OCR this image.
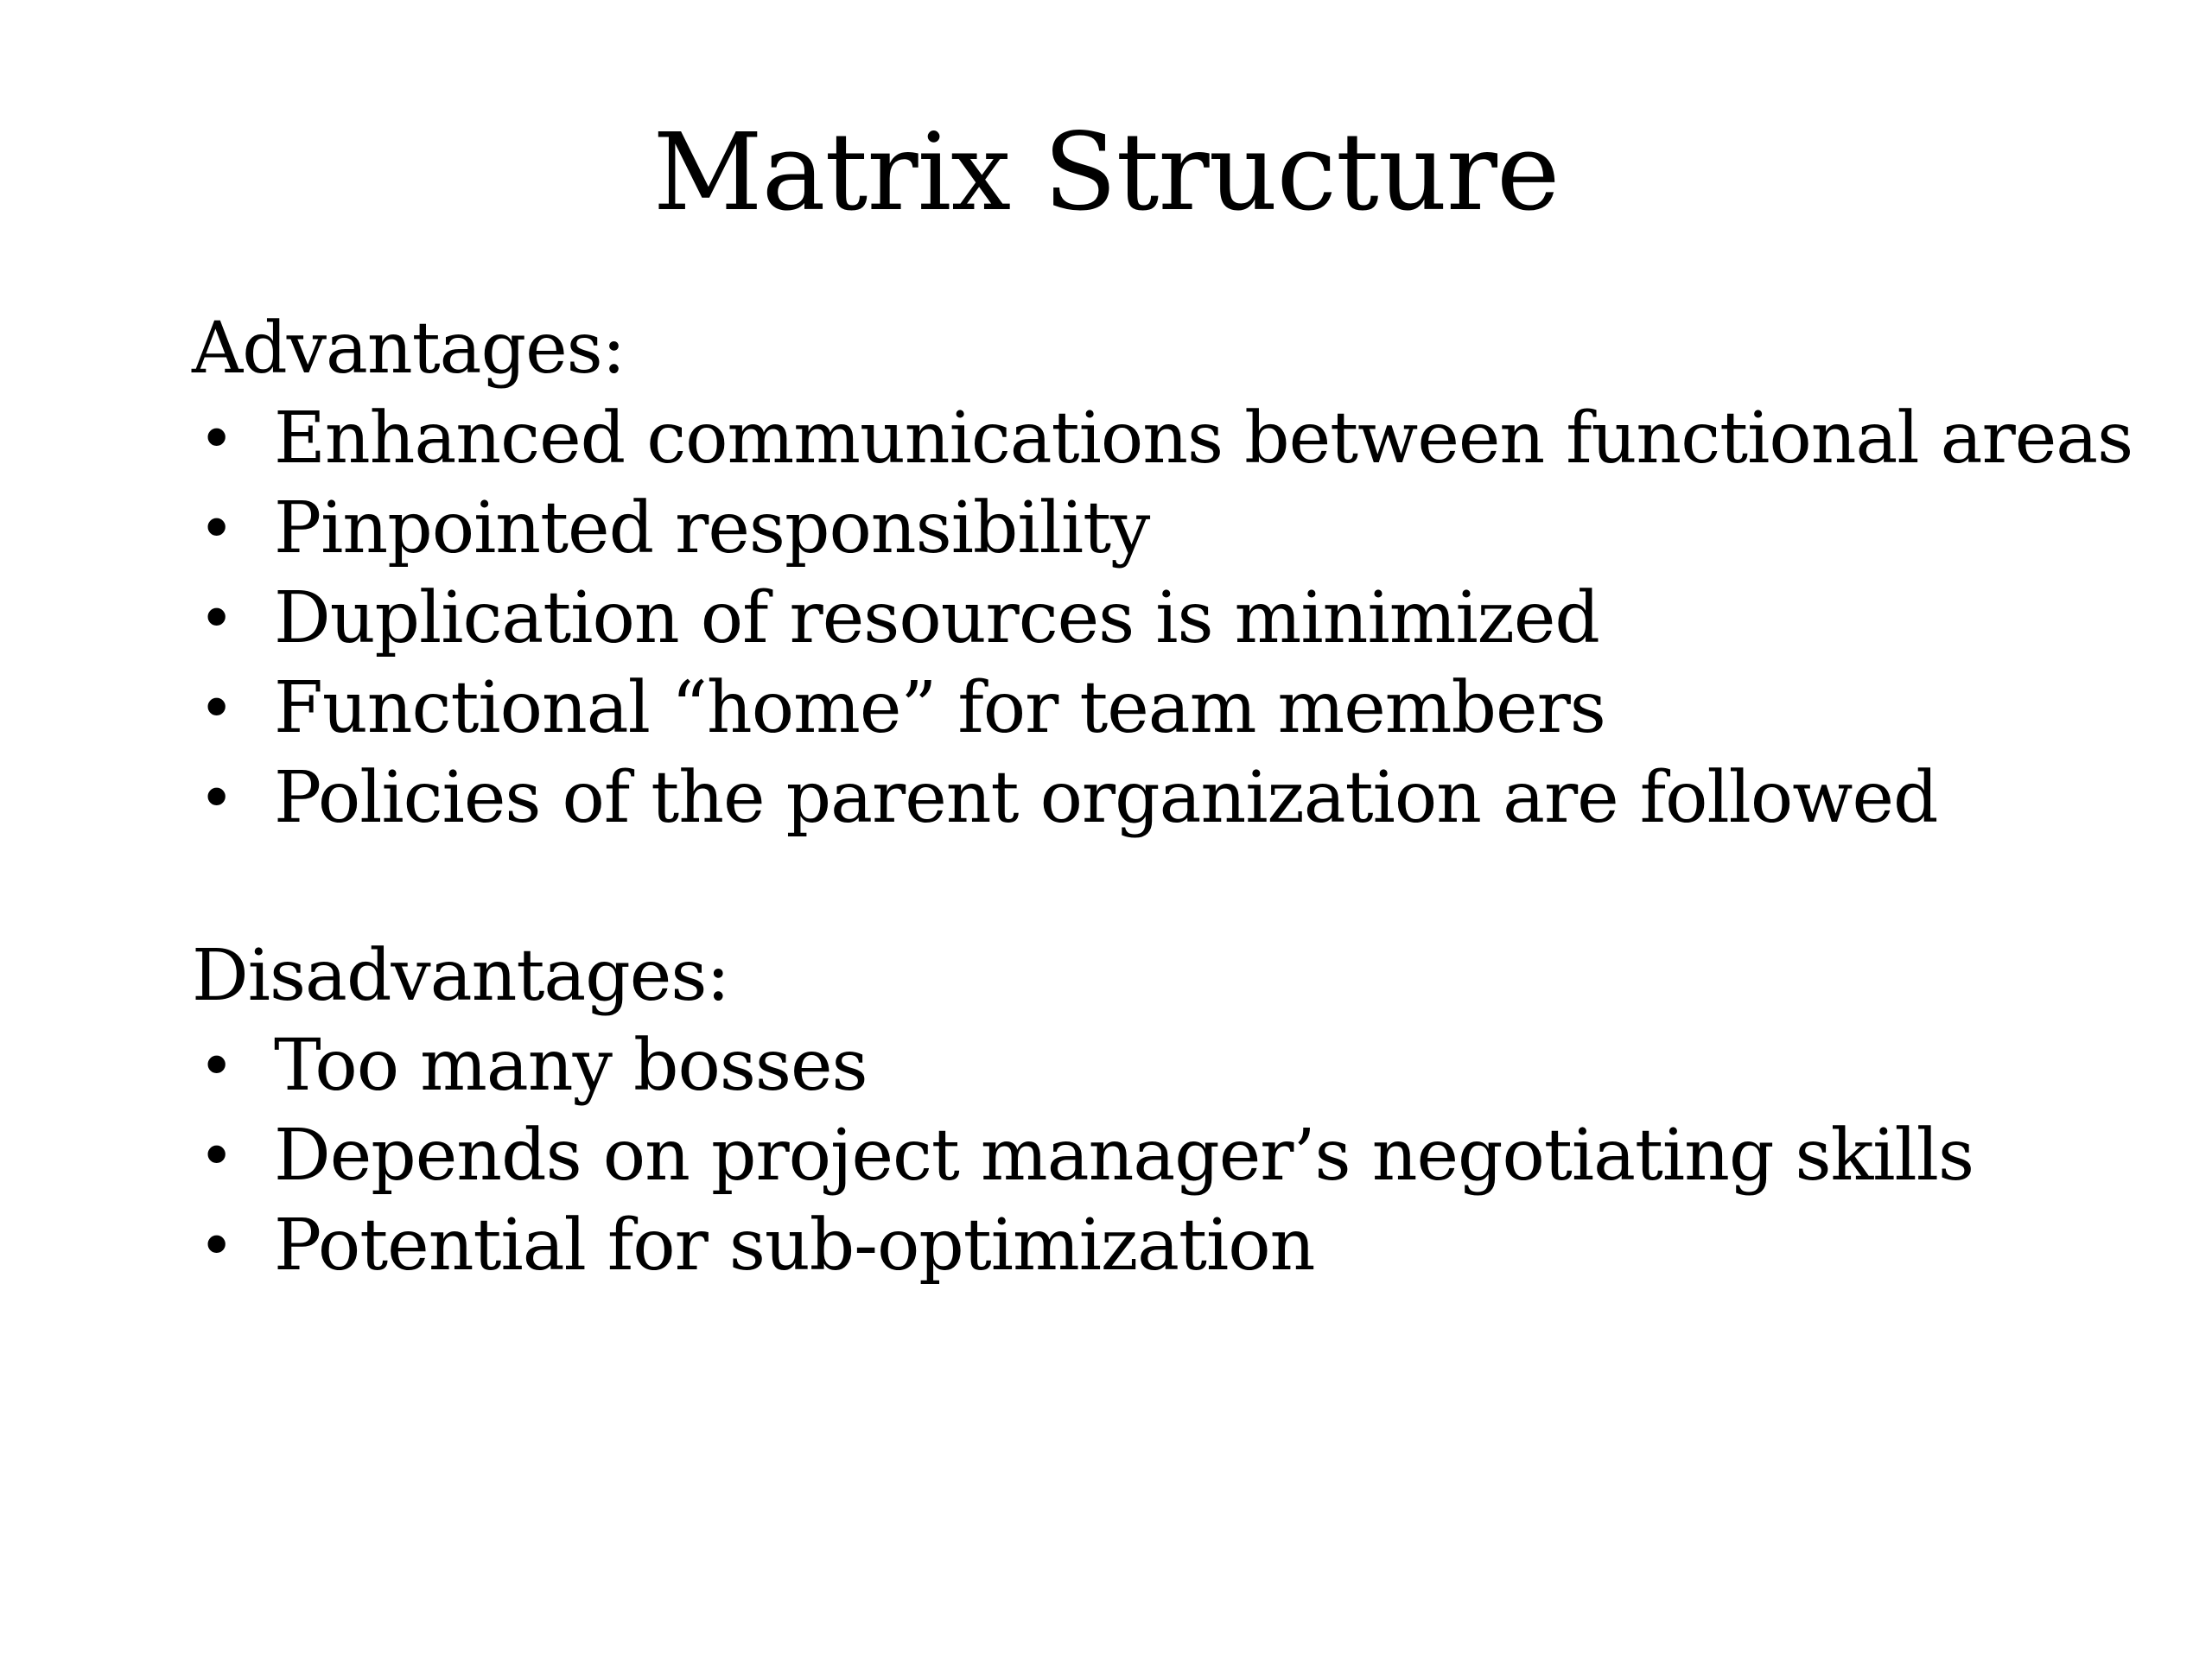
Matrix Structure

Advantages:

• Enhanced communications between functional areas
• Pinpointed responsibility
• Duplication of resources is minimized
• Functional “home” for team members
• Policies of the parent organization are followed

Disadvantages:

• Too many bosses
• Depends on project manager’s negotiating skills
• Potential for sub-optimization
